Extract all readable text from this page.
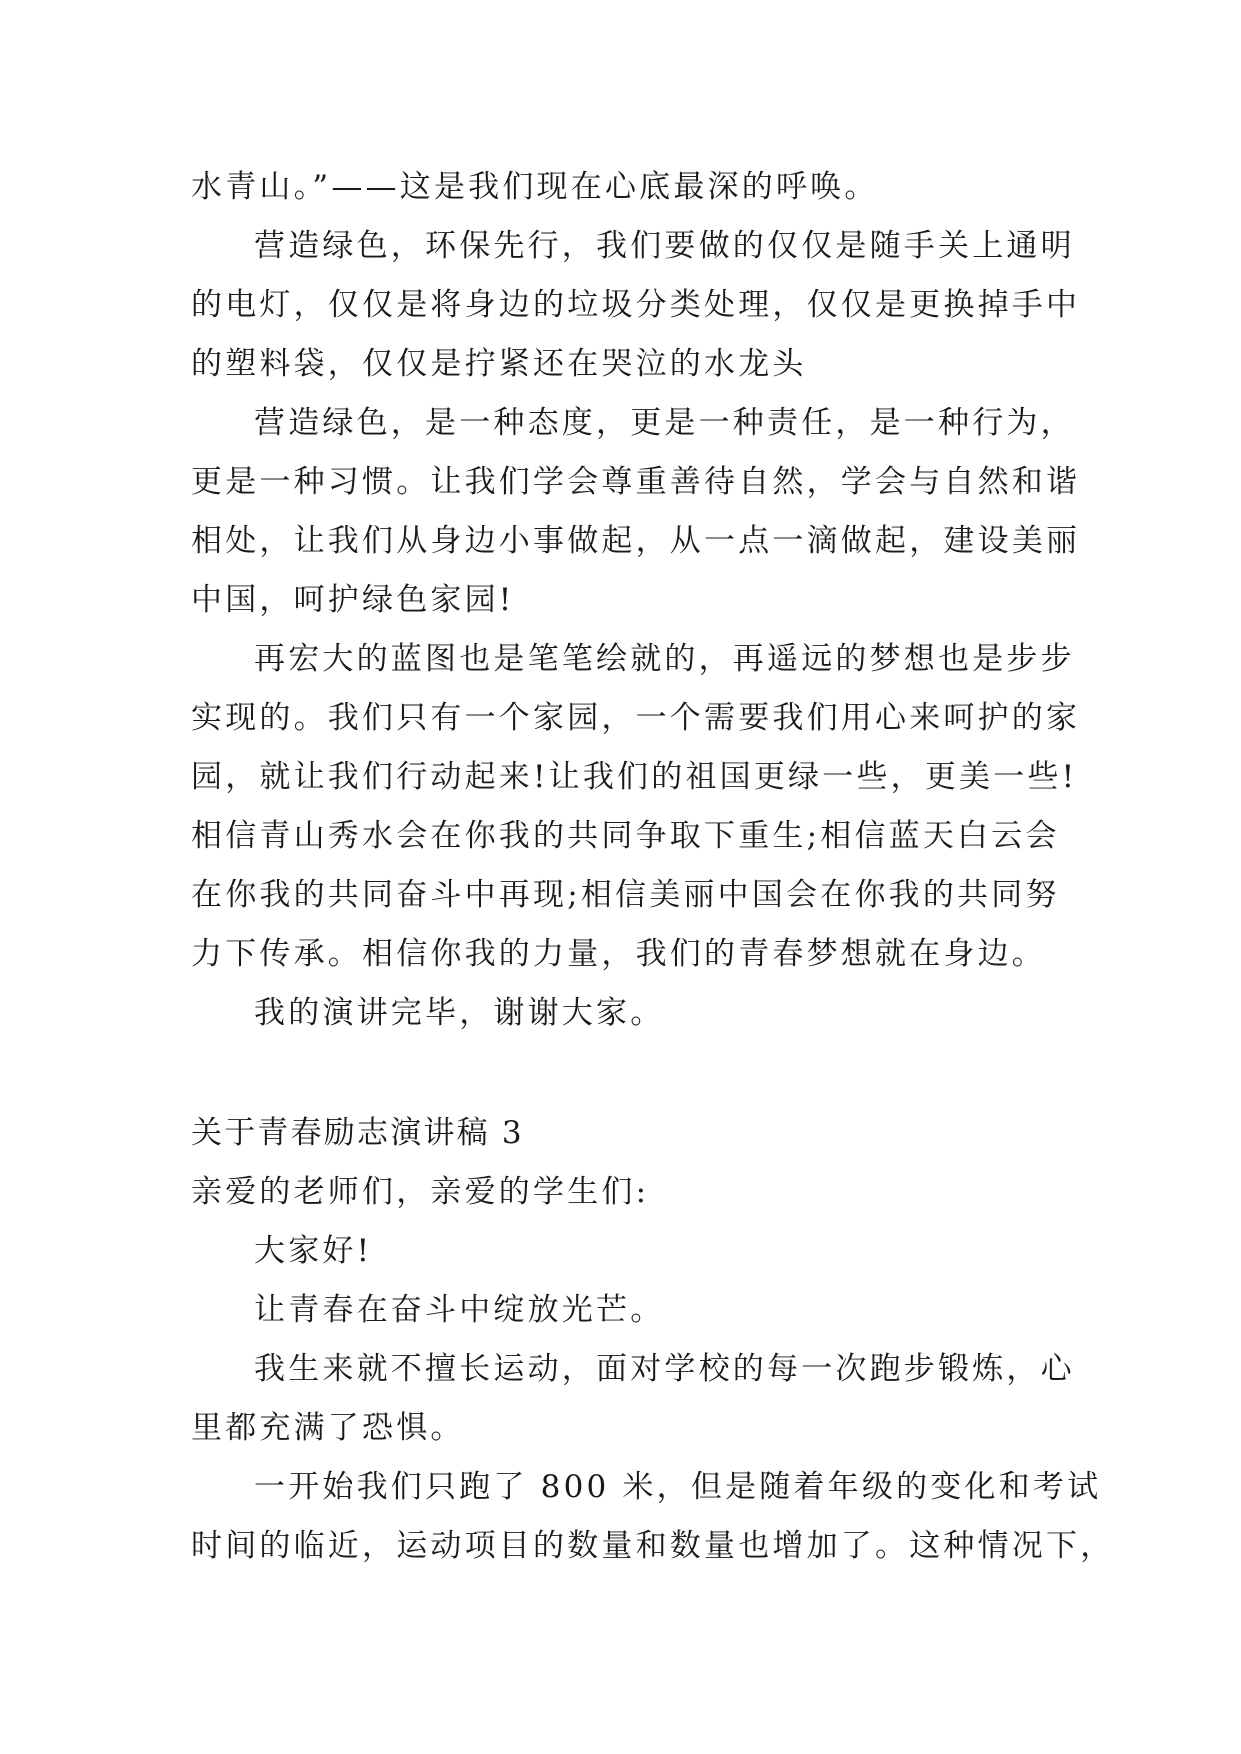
水青山。”——这是我们现在心底最深的呼唤。
营造绿色，环保先行，我们要做的仅仅是随手关上通明
的电灯，仅仅是将身边的垃圾分类处理，仅仅是更换掉手中
的塑料袋，仅仅是拧紧还在哭泣的水龙头
营造绿色，是一种态度，更是一种责任，是一种行为，
更是一种习惯。让我们学会尊重善待自然，学会与自然和谐
相处，让我们从身边小事做起，从一点一滴做起，建设美丽
中国，呵护绿色家园!
再宏大的蓝图也是笔笔绘就的，再遥远的梦想也是步步
实现的。我们只有一个家园，一个需要我们用心来呵护的家
园，就让我们行动起来!让我们的祖国更绿一些，更美一些!
相信青山秀水会在你我的共同争取下重生;相信蓝天白云会
在你我的共同奋斗中再现;相信美丽中国会在你我的共同努
力下传承。相信你我的力量，我们的青春梦想就在身边。
我的演讲完毕，谢谢大家。
关于青春励志演讲稿 3
亲爱的老师们，亲爱的学生们:
大家好!
让青春在奋斗中绽放光芒。
我生来就不擅长运动，面对学校的每一次跑步锻炼，心
里都充满了恐惧。
一开始我们只跑了 800 米，但是随着年级的变化和考试
时间的临近，运动项目的数量和数量也增加了。这种情况下，
